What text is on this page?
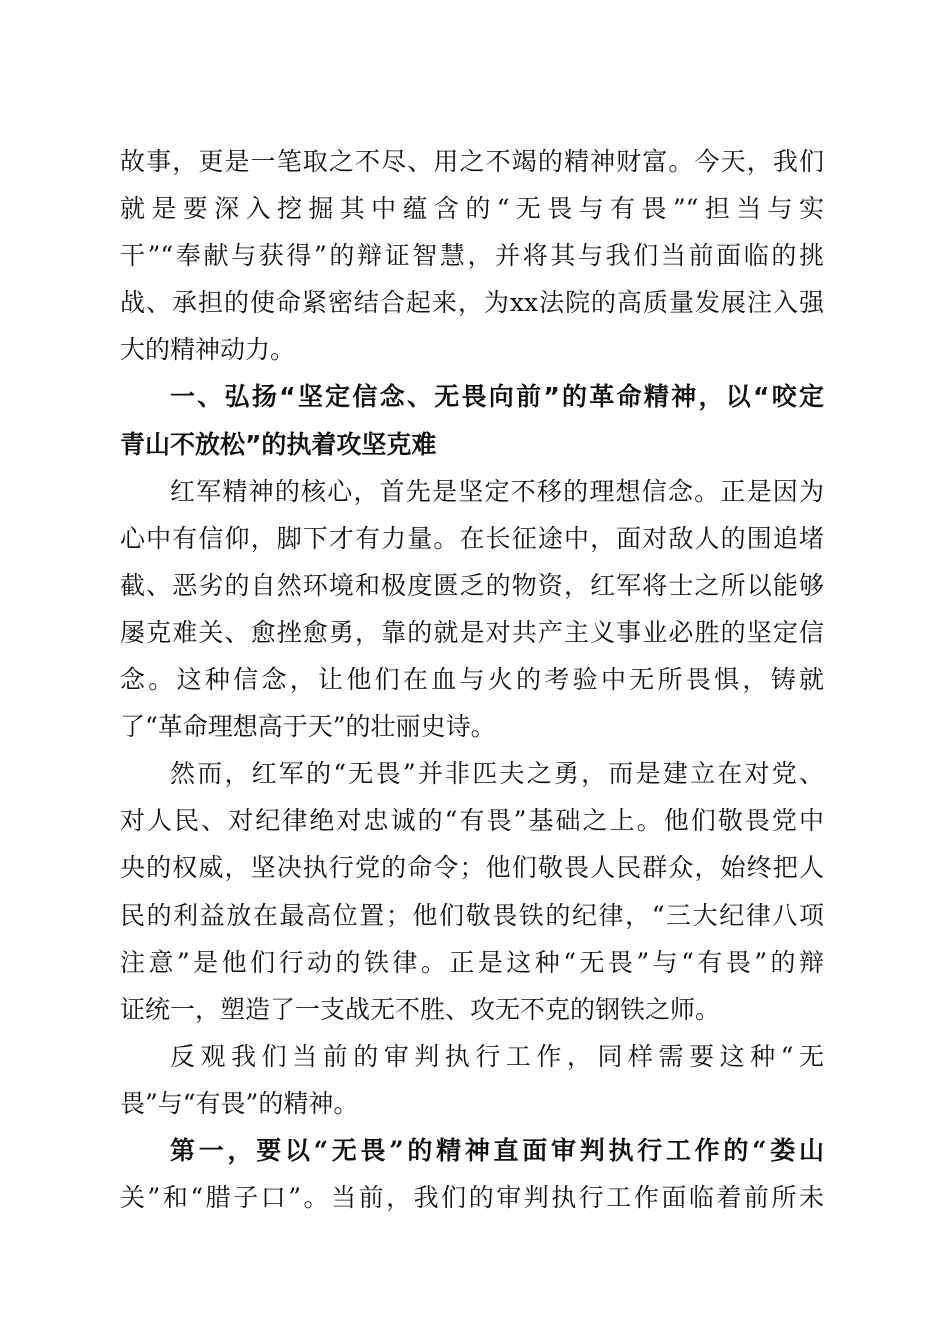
故事，更是一笔取之不尽、用之不竭的精神财富。今天，我们
就是要深入挖掘其中蕴含的“无畏与有畏”“担当与实
干”“奉献与获得”的辩证智慧，并将其与我们当前面临的挑
战、承担的使命紧密结合起来，为xx法院的高质量发展注入强
大的精神动力。
一、弘扬“坚定信念、无畏向前”的革命精神，以“咬定
青山不放松”的执着攻坚克难
红军精神的核心，首先是坚定不移的理想信念。正是因为
心中有信仰，脚下才有力量。在长征途中，面对敌人的围追堵
截、恶劣的自然环境和极度匮乏的物资，红军将士之所以能够
屡克难关、愈挫愈勇，靠的就是对共产主义事业必胜的坚定信
念。这种信念，让他们在血与火的考验中无所畏惧，铸就
了“革命理想高于天”的壮丽史诗。
然而，红军的“无畏”并非匹夫之勇，而是建立在对党、
对人民、对纪律绝对忠诚的“有畏”基础之上。他们敬畏党中
央的权威，坚决执行党的命令；他们敬畏人民群众，始终把人
民的利益放在最高位置；他们敬畏铁的纪律，“三大纪律八项
注意”是他们行动的铁律。正是这种“无畏”与“有畏”的辩
证统一，塑造了一支战无不胜、攻无不克的钢铁之师。
反观我们当前的审判执行工作，同样需要这种“无
畏”与“有畏”的精神。
第一，要以“无畏”的精神直面审判执行工作的“娄山
关”和“腊子口”。当前，我们的审判执行工作面临着前所未
